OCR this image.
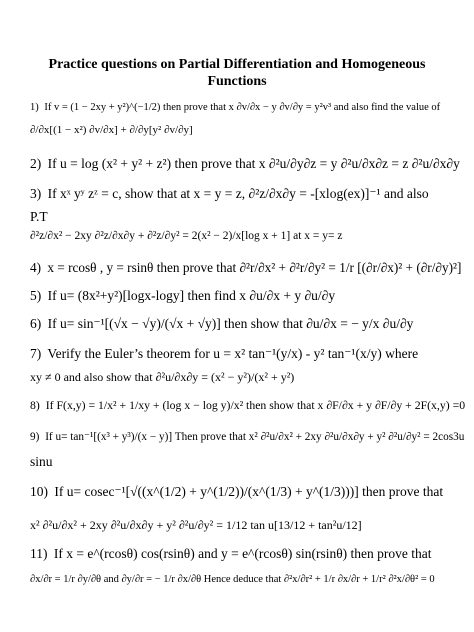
Practice questions on Partial Differentiation and Homogeneous
Functions
1) If v = (1 − 2xy + y²)^(−1/2) then prove that x ∂v/∂x − y ∂v/∂y = y²v³ and also find the value of
∂/∂x[(1 − x²) ∂v/∂x] + ∂/∂y[y² ∂v/∂y]
2) If u = log (x² + y² + z²) then prove that x ∂²u/∂y∂z = y ∂²u/∂x∂z = z ∂²u/∂x∂y
3) If xˣ yʸ zᶻ = c, show that at x = y = z, ∂²z/∂x∂y = -[xlog(ex)]⁻¹ and also
P.T
∂²z/∂x² − 2xy ∂²z/∂x∂y + ∂²z/∂y² = 2(x² − 2)/x[log x + 1] at x = y= z
4) x = rcosθ , y = rsinθ then prove that ∂²r/∂x² + ∂²r/∂y² = 1/r [(∂r/∂x)² + (∂r/∂y)²]
5) If u= (8x²+y²)[logx-logy] then find x ∂u/∂x + y ∂u/∂y
6) If u= sin⁻¹[(√x − √y)/(√x + √y)] then show that ∂u/∂x = − y/x ∂u/∂y
7) Verify the Euler’s theorem for u = x² tan⁻¹(y/x) - y² tan⁻¹(x/y) where
xy ≠ 0 and also show that ∂²u/∂x∂y = (x² − y²)/(x² + y²)
8) If F(x,y) = 1/x² + 1/xy + (log x − log y)/x² then show that x ∂F/∂x + y ∂F/∂y + 2F(x,y) =0
9) If u= tan⁻¹[(x³ + y³)/(x − y)] Then prove that x² ∂²u/∂x² + 2xy ∂²u/∂x∂y + y² ∂²u/∂y² = 2cos3u
sinu
10) If u= cosec⁻¹[√((x^(1/2) + y^(1/2))/(x^(1/3) + y^(1/3)))] then prove that
x² ∂²u/∂x² + 2xy ∂²u/∂x∂y + y² ∂²u/∂y² = 1/12 tan u[13/12 + tan²u/12]
11) If x = e^(rcosθ) cos(rsinθ) and y = e^(rcosθ) sin(rsinθ) then prove that
∂x/∂r = 1/r ∂y/∂θ and ∂y/∂r = − 1/r ∂x/∂θ Hence deduce that ∂²x/∂r² + 1/r ∂x/∂r + 1/r² ∂²x/∂θ² = 0
